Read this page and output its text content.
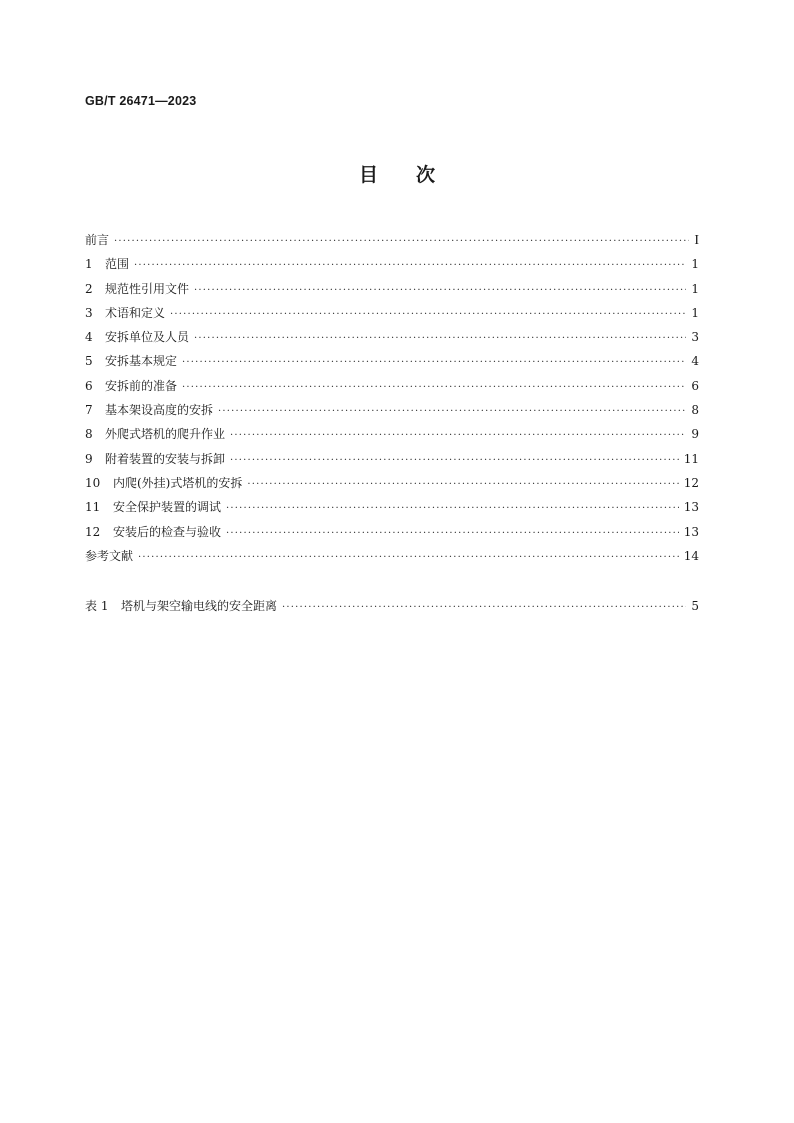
GB/T 26471—2023
目 次
前言 ·····	I
1	范围 ·····	1
2	规范性引用文件 ·····	1
3	术语和定义 ·····	1
4	安拆单位及人员 ·····	3
5	安拆基本规定 ·····	4
6	安拆前的准备 ·····	6
7	基本架设高度的安拆 ·····	8
8	外爬式塔机的爬升作业 ·····	9
9	附着装置的安装与拆卸 ·····	11
10	内爬(外挂)式塔机的安拆 ·····	12
11	安全保护装置的调试 ·····	13
12	安装后的检查与验收 ·····	13
参考文献 ·····	14
表 1	塔机与架空输电线的安全距离 ·····	5
